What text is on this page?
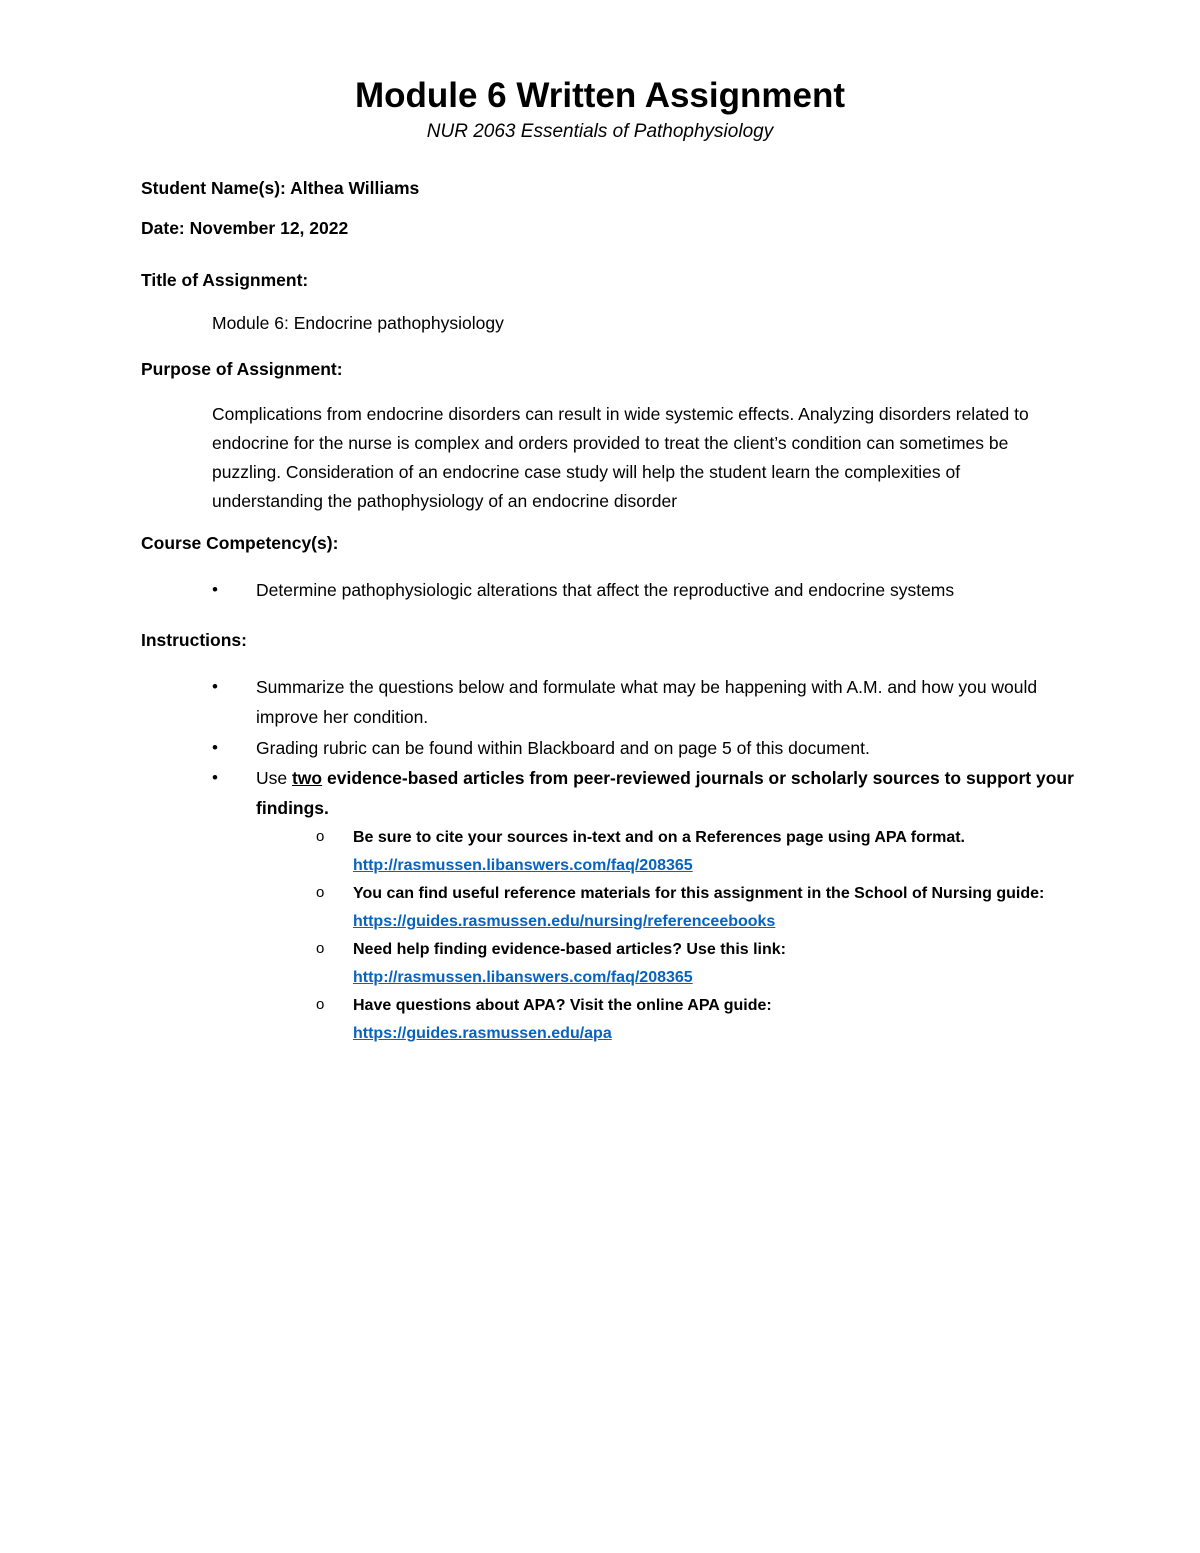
Module 6 Written Assignment
NUR 2063 Essentials of Pathophysiology
Student Name(s): Althea Williams
Date: November 12, 2022
Title of Assignment:
Module 6: Endocrine pathophysiology
Purpose of Assignment:

Complications from endocrine disorders can result in wide systemic effects. Analyzing disorders related to endocrine for the nurse is complex and orders provided to treat the client’s condition can sometimes be puzzling. Consideration of an endocrine case study will help the student learn the complexities of understanding the pathophysiology of an endocrine disorder

Course Competency(s):
•	Determine pathophysiologic alterations that affect the reproductive and endocrine systems
Instructions:
•	Summarize the questions below and formulate what may be happening with A.M. and how you would improve her condition.
•	Grading rubric can be found within Blackboard and on page 5 of this document.
•	Use two evidence-based articles from peer-reviewed journals or scholarly sources to support your findings.
o Be sure to cite your sources in-text and on a References page using APA format.
http://rasmussen.libanswers.com/faq/208365
o You can find useful reference materials for this assignment in the School of Nursing guide: https://guides.rasmussen.edu/nursing/referenceebooks
o Need help finding evidence-based articles? Use this link:
http://rasmussen.libanswers.com/faq/208365
o Have questions about APA? Visit the online APA guide:
https://guides.rasmussen.edu/apa
